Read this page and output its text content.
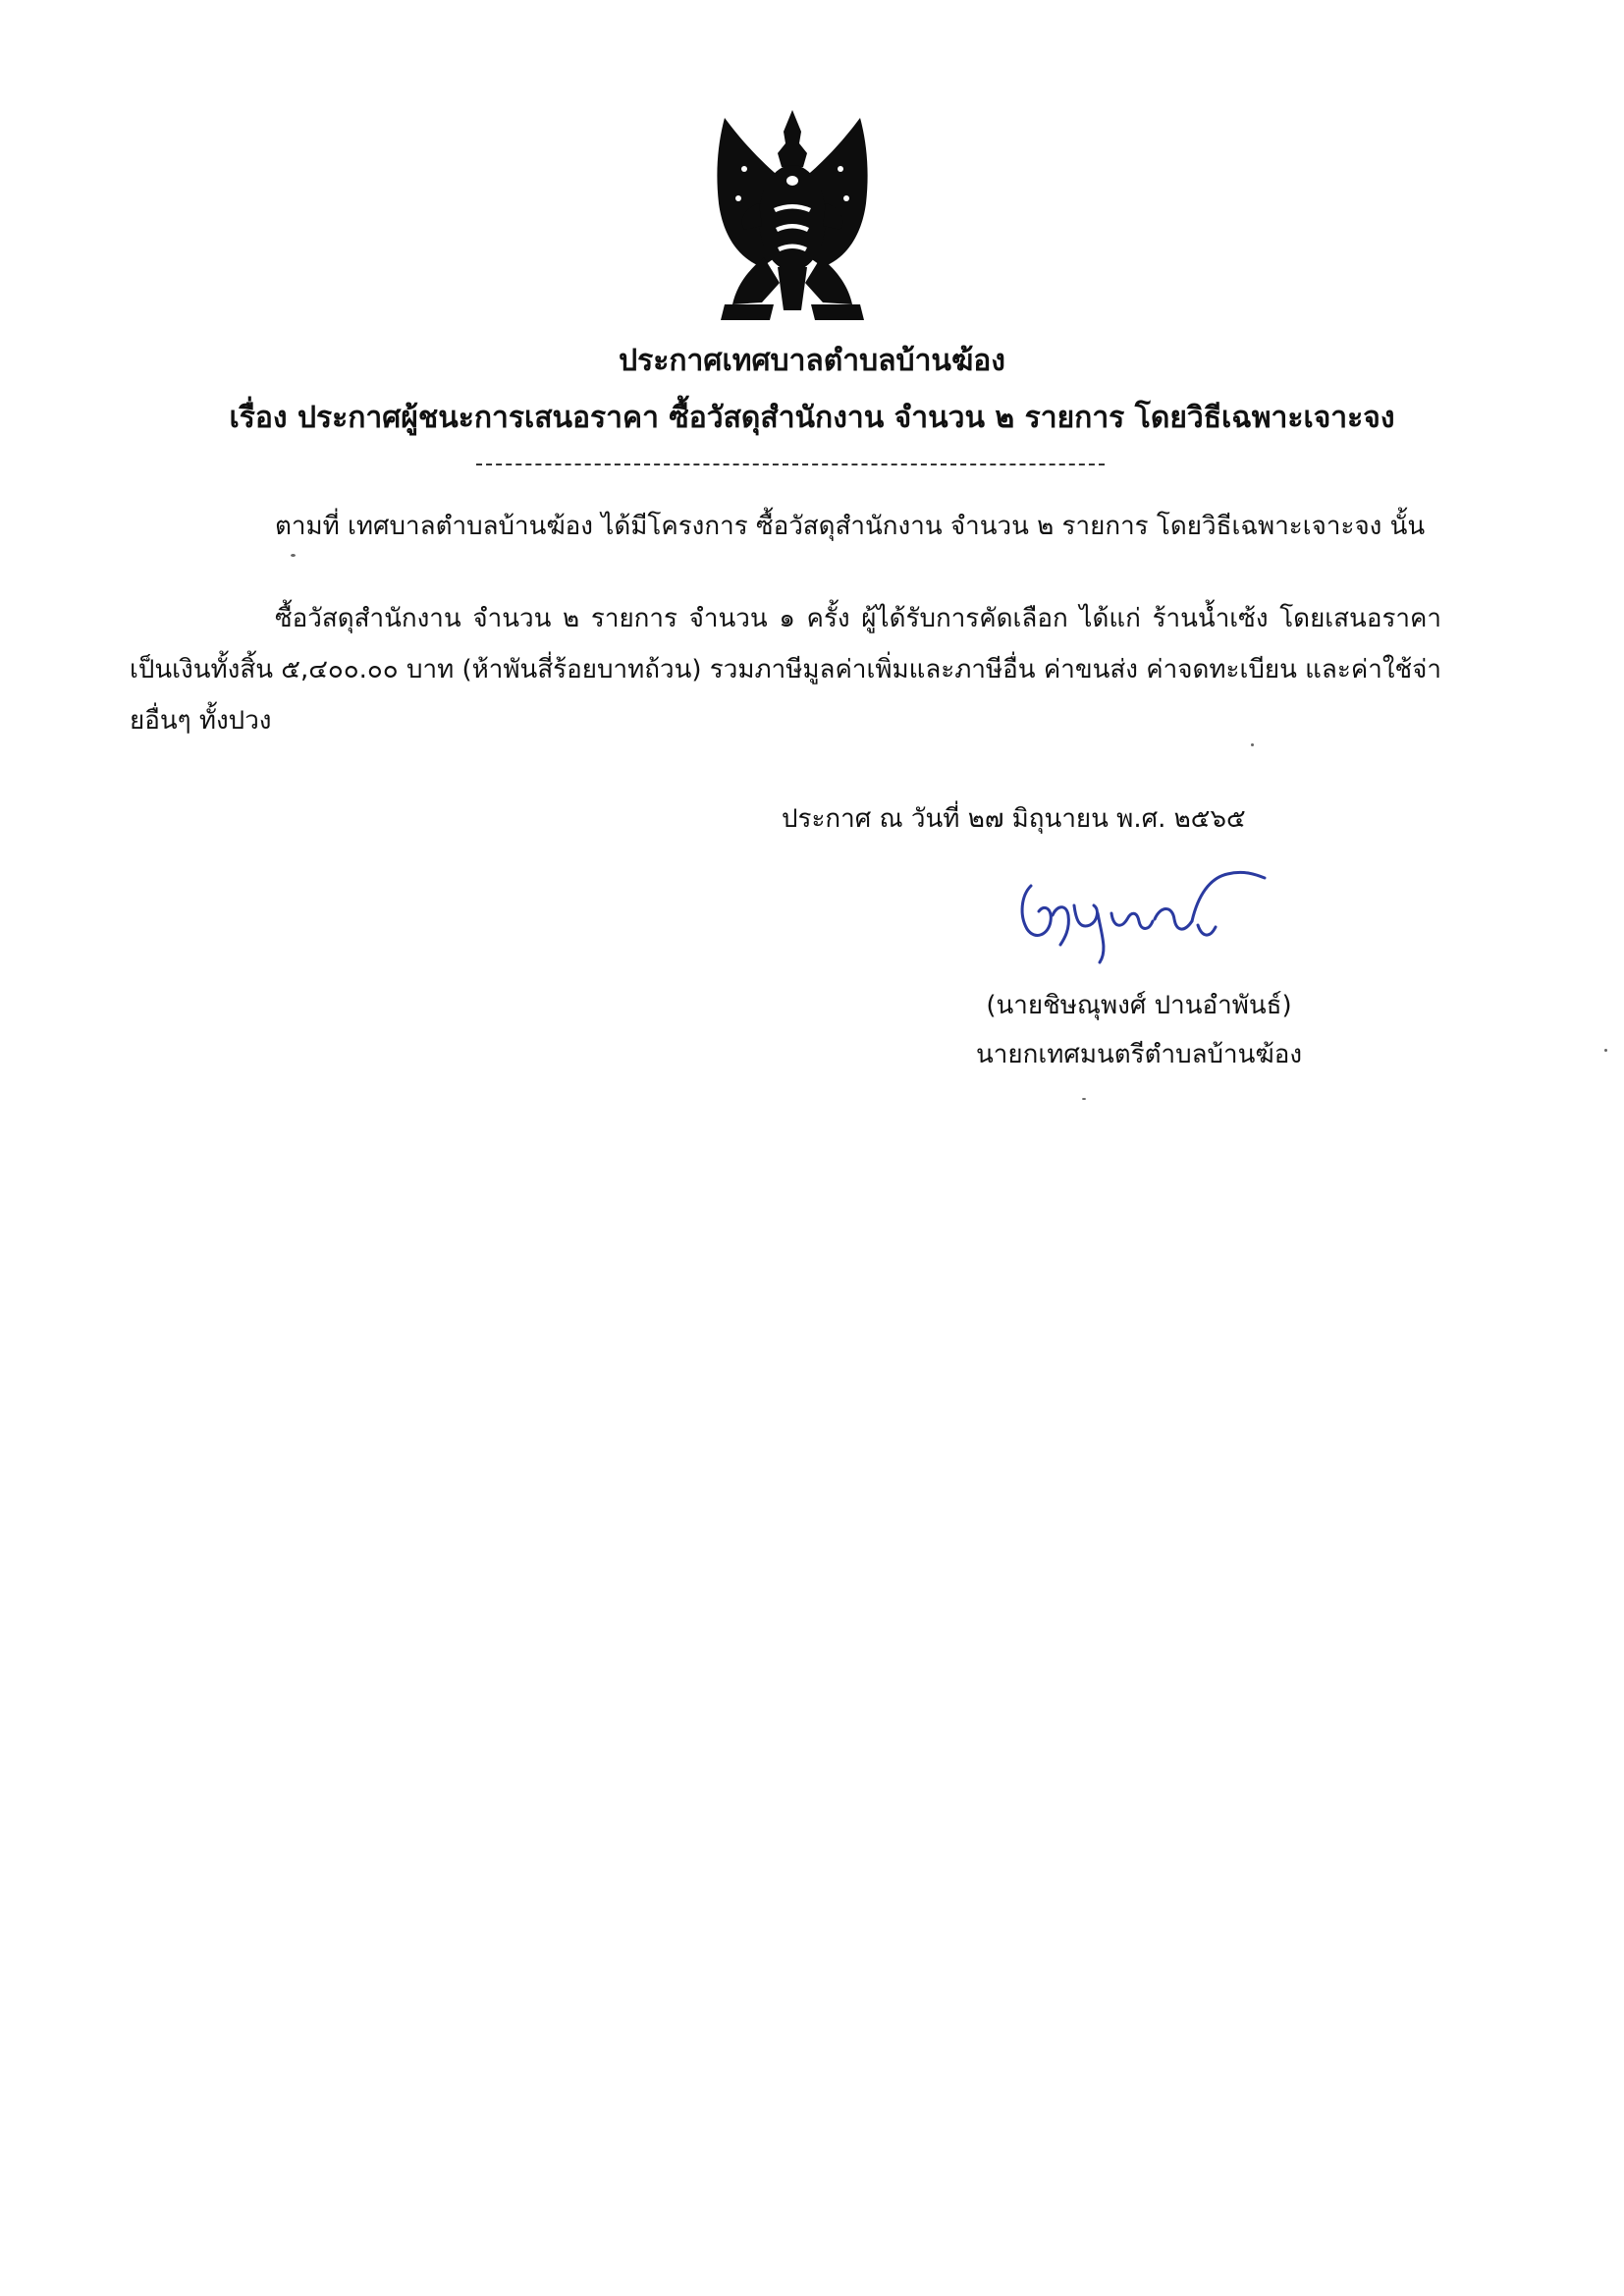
ประกาศเทศบาลตำบลบ้านฆ้อง
เรื่อง ประกาศผู้ชนะการเสนอราคา ซื้อวัสดุสำนักงาน จำนวน ๒ รายการ โดยวิธีเฉพาะเจาะจง
ตามที่ เทศบาลตำบลบ้านฆ้อง ได้มีโครงการ ซื้อวัสดุสำนักงาน จำนวน ๒ รายการ โดยวิธีเฉพาะเจาะจง นั้น
ซื้อวัสดุสำนักงาน จำนวน ๒ รายการ จำนวน ๑ ครั้ง ผู้ได้รับการคัดเลือก ได้แก่ ร้านน้ำเซ้ง โดยเสนอราคาเป็นเงินทั้งสิ้น ๕,๔๐๐.๐๐ บาท (ห้าพันสี่ร้อยบาทถ้วน) รวมภาษีมูลค่าเพิ่มและภาษีอื่น ค่าขนส่ง ค่าจดทะเบียน และค่าใช้จ่ายอื่นๆ ทั้งปวง
ประกาศ ณ วันที่ ๒๗ มิถุนายน พ.ศ. ๒๕๖๕
(นายชิษณุพงศ์ ปานอำพันธ์)
นายกเทศมนตรีตำบลบ้านฆ้อง
